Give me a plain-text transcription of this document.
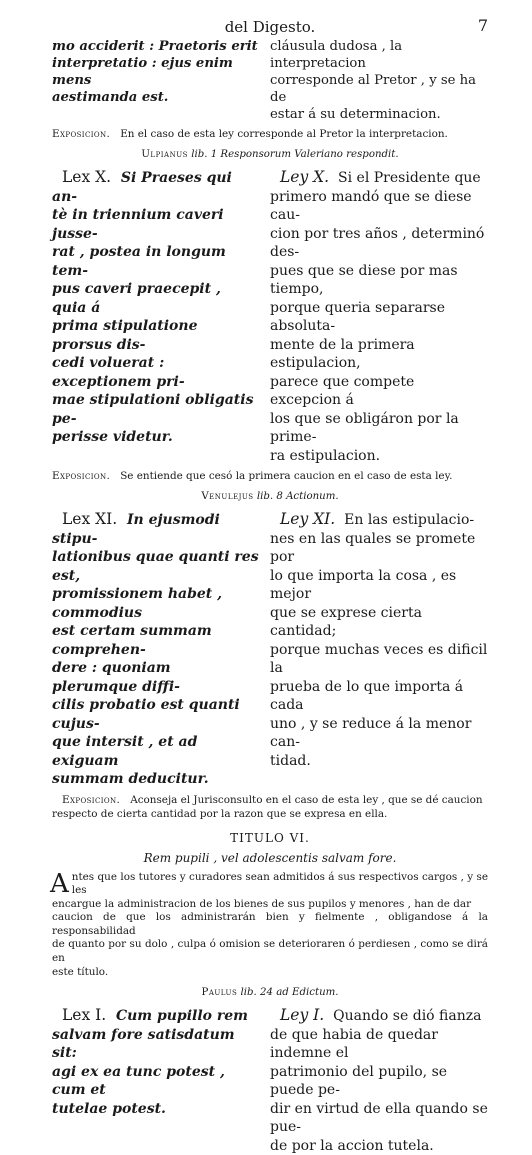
del Digesto.	7
mo acciderit : Praetoris erit
interpretatio : ejus enim mens
aestimanda est.
cláusula dudosa , la interpretacion
corresponde al Pretor , y se ha de
estar á su determinacion.

Exposicion. En el caso de esta ley corresponde al Pretor la interpretacion.

Ulpianus lib. 1 Responsorum Valeriano respondit.
Lex X. Si Praeses qui an-
tè in triennium caveri jusse-
rat , postea in longum tem-
pus caveri praecepit , quia á
prima stipulatione prorsus dis-
cedi voluerat : exceptionem pri-
mae stipulationi obligatis pe-
perisse videtur.
Ley X. Si el Presidente que
primero mandó que se diese cau-
cion por tres años , determinó des-
pues que se diese por mas tiempo,
porque queria separarse absoluta-
mente de la primera estipulacion,
parece que compete excepcion á
los que se obligáron por la prime-
ra estipulacion.

Exposicion. Se entiende que cesó la primera caucion en el caso de esta ley.

Venulejus lib. 8 Actionum.
Lex XI. In ejusmodi stipu-
lationibus quae quanti res est,
promissionem habet , commodius
est certam summam comprehen-
dere : quoniam plerumque diffi-
cilis probatio est quanti cujus-
que intersit , et ad exiguam
summam deducitur.
Ley XI. En las estipulacio-
nes en las quales se promete por
lo que importa la cosa , es mejor
que se exprese cierta cantidad;
porque muchas veces es dificil la
prueba de lo que importa á cada
uno , y se reduce á la menor can-
tidad.

Exposicion. Aconseja el Jurisconsulto en el caso de esta ley , que se dé caucion
respecto de cierta cantidad por la razon que se expresa en ella.

TITULO VI.
Rem pupili , vel adolescentis salvam fore.
A ntes que los tutores y curadores sean admitidos á sus respectivos cargos , y se les
encargue la administracion de los bienes de sus pupilos y menores , han de dar
caucion de que los administrarán bien y fielmente , obligandose á la responsabilidad
de quanto por su dolo , culpa ó omision se deterioraren ó perdiesen , como se dirá en
este título.
Paulus lib. 24 ad Edictum.
Lex I. Cum pupillo rem
salvam fore satisdatum sit:
agi ex ea tunc potest , cum et
tutelae potest.
Ley I. Quando se dió fianza
de que habia de quedar indemne el
patrimonio del pupilo, se puede pe-
dir en virtud de ella quando se pue-
de por la accion tutela.
